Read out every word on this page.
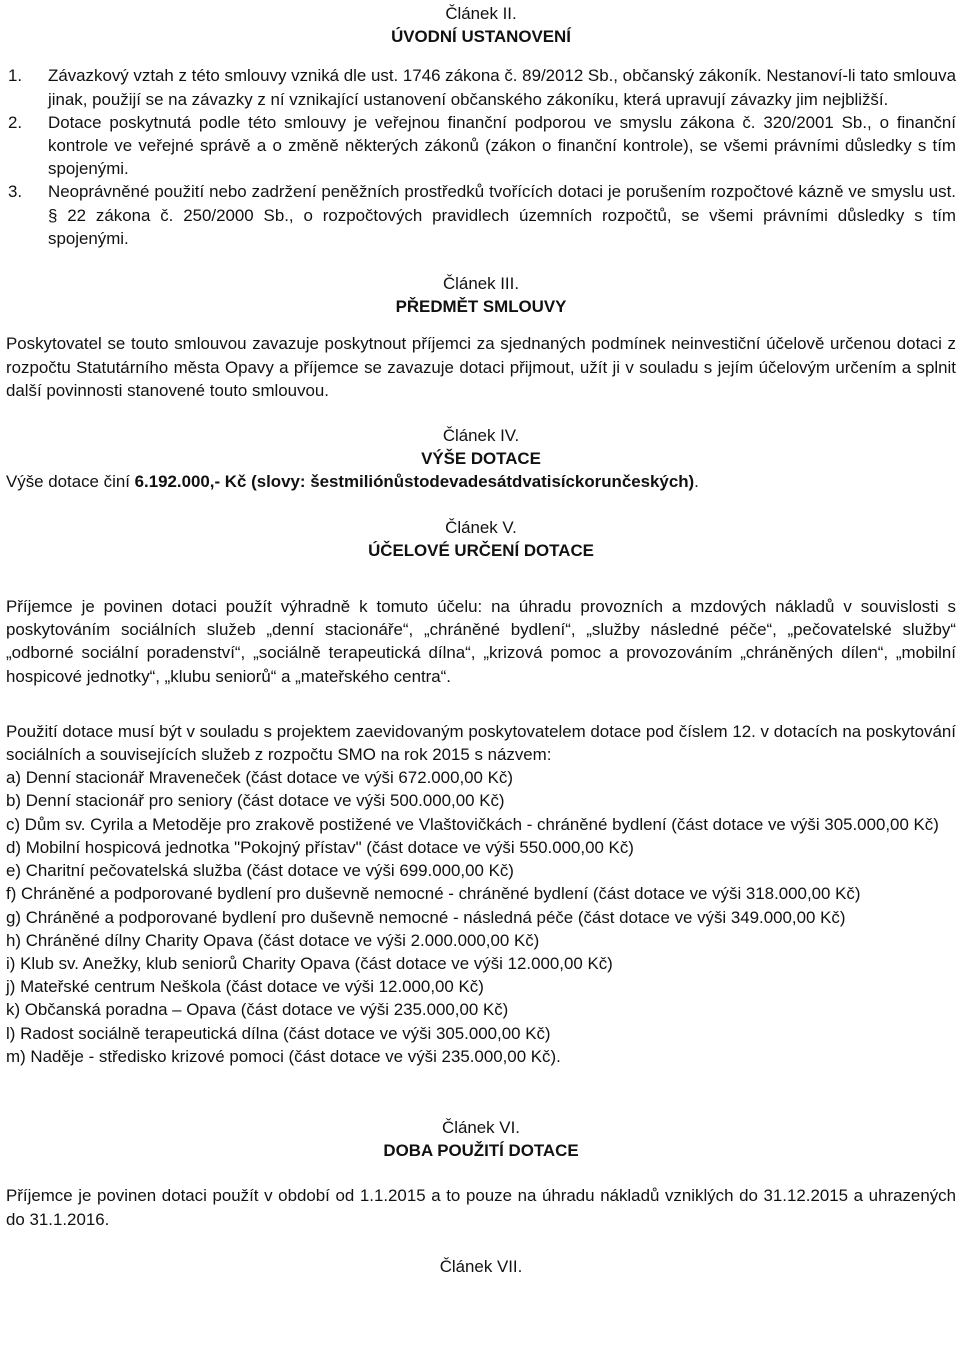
Článek II.
ÚVODNÍ USTANOVENÍ
1. Závazkový vztah z této smlouvy vzniká dle ust. 1746 zákona č. 89/2012 Sb., občanský zákoník. Nestanoví-li tato smlouva jinak, použijí se na závazky z ní vznikající ustanovení občanského zákoníku, která upravují závazky jim nejbližší.

2. Dotace poskytnutá podle této smlouvy je veřejnou finanční podporou ve smyslu zákona č. 320/2001 Sb., o finanční kontrole ve veřejné správě a o změně některých zákonů (zákon o finanční kontrole), se všemi právními důsledky s tím spojenými.

3. Neoprávněné použití nebo zadržení peněžních prostředků tvořících dotaci je porušením rozpočtové kázně ve smyslu ust. § 22 zákona č. 250/2000 Sb., o rozpočtových pravidlech územních rozpočtů, se všemi právními důsledky s tím spojenými.

Článek III.
PŘEDMĚT SMLOUVY

Poskytovatel se touto smlouvou zavazuje poskytnout příjemci za sjednaných podmínek neinvestiční účelově určenou dotaci z rozpočtu Statutárního města Opavy a příjemce se zavazuje dotaci přijmout, užít ji v souladu s jejím účelovým určením a splnit další povinnosti stanovené touto smlouvou.

Článek IV.
VÝŠE DOTACE

Výše dotace činí 6.192.000,- Kč (slovy: šestmiliónůstodevadesátdvatisíckorunčeských).

Článek V.
ÚČELOVÉ URČENÍ DOTACE

Příjemce je povinen dotaci použít výhradně k tomuto účelu: na úhradu provozních a mzdových nákladů v souvislosti s poskytováním sociálních služeb „denní stacionáře“, „chráněné bydlení“, „služby následné péče“, „pečovatelské služby“ „odborné sociální poradenství“, „sociálně terapeutická dílna“, „krizová pomoc a provozováním „chráněných dílen“, „mobilní hospicové jednotky“, „klubu seniorů“ a „mateřského centra“.

Použití dotace musí být v souladu s projektem zaevidovaným poskytovatelem dotace pod číslem 12. v dotacích na poskytování sociálních a souvisejících služeb z rozpočtu SMO na rok 2015 s názvem:

a) Denní stacionář Mraveneček (část dotace ve výši 672.000,00 Kč)

b) Denní stacionář pro seniory (část dotace ve výši 500.000,00 Kč)

c) Dům sv. Cyrila a Metoděje pro zrakově postižené ve Vlaštovičkách - chráněné bydlení (část dotace ve výši 305.000,00 Kč)

d) Mobilní hospicová jednotka "Pokojný přístav" (část dotace ve výši 550.000,00 Kč)

e) Charitní pečovatelská služba (část dotace ve výši 699.000,00 Kč)

f) Chráněné a podporované bydlení pro duševně nemocné - chráněné bydlení (část dotace ve výši 318.000,00 Kč)

g) Chráněné a podporované bydlení pro duševně nemocné - následná péče (část dotace ve výši 349.000,00 Kč)

h) Chráněné dílny Charity Opava (část dotace ve výši 2.000.000,00 Kč)

i) Klub sv. Anežky, klub seniorů Charity Opava (část dotace ve výši 12.000,00 Kč)

j) Mateřské centrum Neškola (část dotace ve výši 12.000,00 Kč)

k) Občanská poradna – Opava (část dotace ve výši 235.000,00 Kč)

l) Radost sociálně terapeutická dílna (část dotace ve výši 305.000,00 Kč)

m) Naděje - středisko krizové pomoci (část dotace ve výši 235.000,00 Kč).

Článek VI.
DOBA POUŽITÍ DOTACE

Příjemce je povinen dotaci použít v období od 1.1.2015 a to pouze na úhradu nákladů vzniklých do 31.12.2015 a uhrazených do 31.1.2016.

Článek VII.
